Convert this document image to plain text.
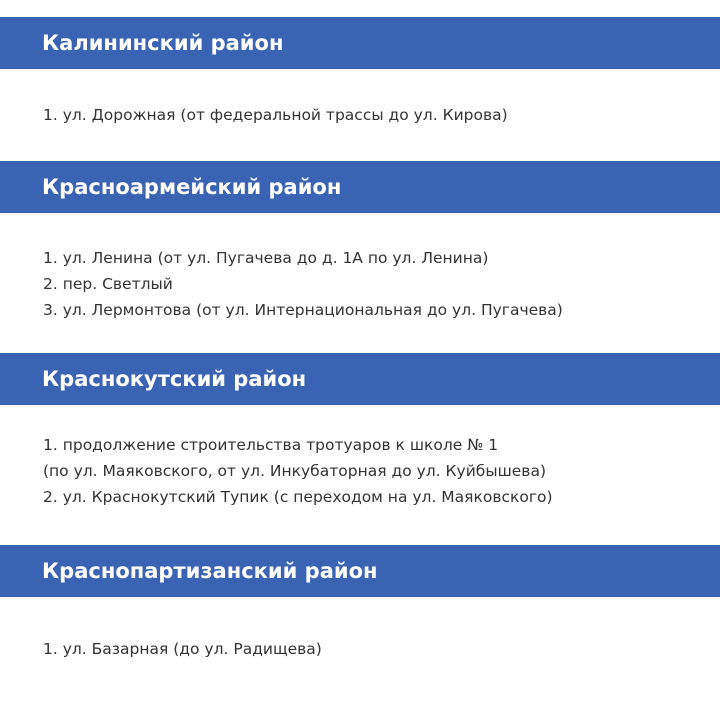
Калининский район
1. ул. Дорожная (от федеральной трассы до ул. Кирова)
Красноармейский район
1. ул. Ленина (от ул. Пугачева до д. 1А по ул. Ленина)
2. пер. Светлый
3. ул. Лермонтова (от ул. Интернациональная до ул. Пугачева)
Краснокутский район
1. продолжение строительства тротуаров к школе № 1
(по ул. Маяковского, от ул. Инкубаторная до ул. Куйбышева)
2. ул. Краснокутский Тупик (с переходом на ул. Маяковского)
Краснопартизанский район
1. ул. Базарная (до ул. Радищева)
